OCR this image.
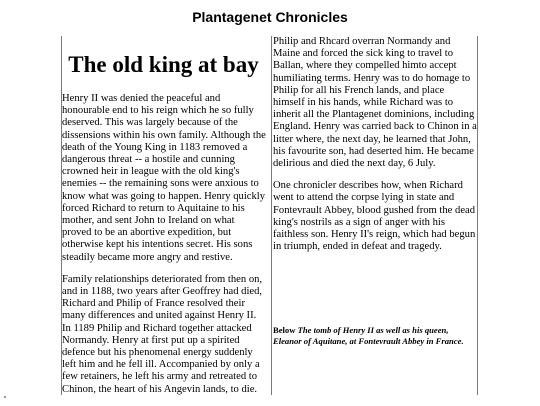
Plantagenet Chronicles
The old king at bay

Henry II was denied the peaceful and honourable end to his reign which he so fully deserved. This was largely because of the dissensions within his own family. Although the death of the Young King in 1183 removed a dangerous threat -- a hostile and cunning crowned heir in league with the old king's enemies -- the remaining sons were anxious to know what was going to happen. Henry quickly forced Richard to return to Aquitaine to his mother, and sent John to Ireland on what proved to be an abortive expedition, but otherwise kept his intentions secret. His sons steadily became more angry and restive.

Family relationships deteriorated from then on, and in 1188, two years after Geoffrey had died, Richard and Philip of France resolved their many differences and united against Henry II. In 1189 Philip and Richard together attacked Normandy. Henry at first put up a spirited defence but his phenomenal energy suddenly left him and he fell ill. Accompanied by only a few retainers, he left his army and retreated to Chinon, the heart of his Angevin lands, to die.

Philip and Rhcard overran Normandy and Maine and forced the sick king to travel to Ballan, where they compelled himto accept humiliating terms. Henry was to do homage to Philip for all his French lands, and place himself in his hands, while Richard was to inherit all the Plantagenet dominions, including England. Henry was carried back to Chinon in a litter where, the next day, he learned that John, his favourite son, had deserted him. He became delirious and died the next day, 6 July.

One chronicler describes how, when Richard went to attend the corpse lying in state and Fontevrault Abbey, blood gushed from the dead king's nostrils as a sign of anger with his faithless son. Henry II's reign, which had begun in triumph, ended in defeat and tragedy.

Below The tomb of Henry II as well as his queen, Eleanor of Aquitane, at Fontevrault Abbey in France.
